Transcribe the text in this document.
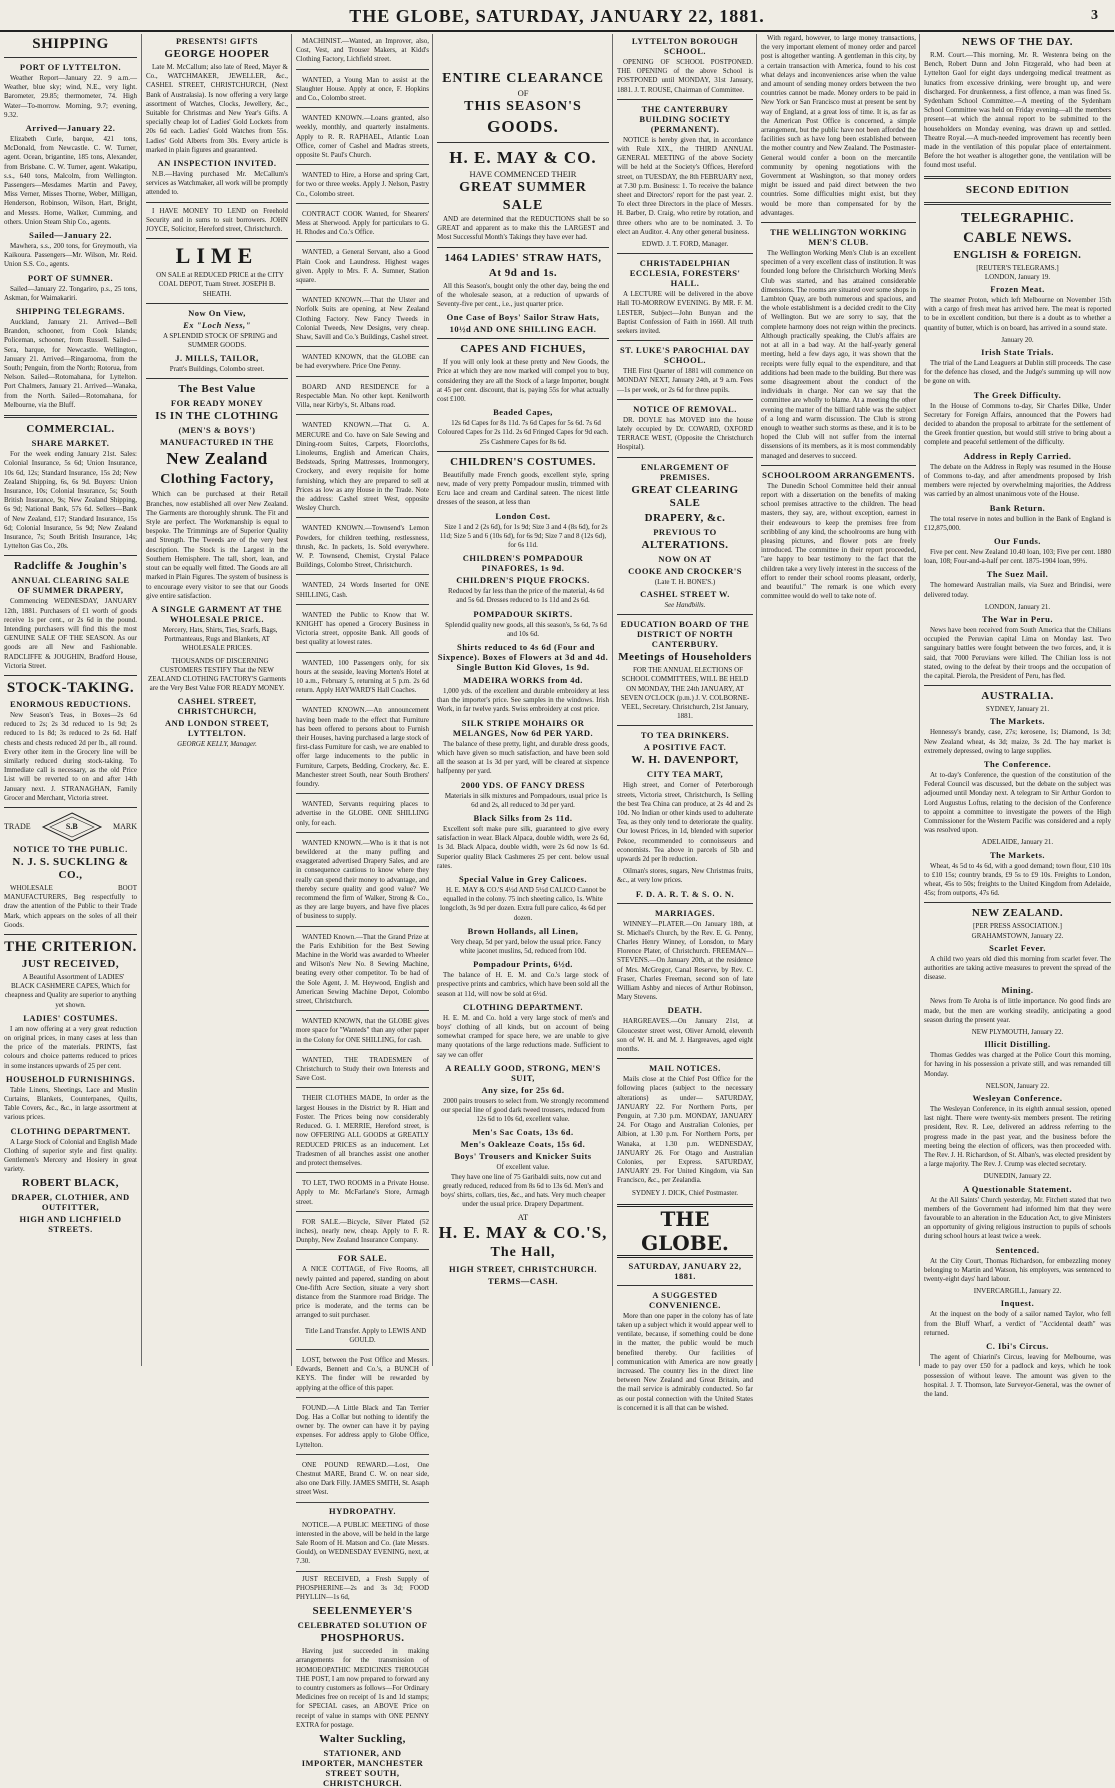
THE GLOBE, SATURDAY, JANUARY 22, 1881.	3
SHIPPING
PORT OF LYTTELTON.

Weather Report—January 22. 9 a.m.—Weather, blue sky; wind, N.E., very light. Barometer, 29.85; thermometer, 74. High Water—To-morrow. Morning, 9.7; evening, 9.32.

Arrived—January 22.

Elizabeth Curle, barque, 421 tons, McDonald, from Newcastle. C. W. Turner, agent. Ocean, brigantine, 185 tons, Alexander, from Brisbane. C. W. Turner, agent. Wakatipu, s.s., 640 tons, Malcolm, from Wellington. Passengers—Mesdames Martin and Pavey, Miss Verner, Misses Thorne, Weber, Milligan, Henderson, Robinson, Wilson, Hart, Bright, and Messrs. Horne, Walker, Cumming, and others. Union Steam Ship Co., agents.

Sailed—January 22.

Mawhera, s.s., 200 tons, for Greymouth, via Kaikoura. Passengers—Mr. Wilson, Mr. Reid. Union S.S. Co., agents.

PORT OF SUMNER.

Sailed—January 22. Tongariro, p.s., 25 tons, Askman, for Waimakariri.

SHIPPING TELEGRAMS.

Auckland, January 21. Arrived—Bell Brandon, schooner, from Cook Islands; Policeman, schooner, from Russell. Sailed—Sera, barque, for Newcastle. Wellington, January 21. Arrived—Ringarooma, from the South; Penguin, from the North; Rotorua, from Nelson. Sailed—Rotomahana, for Lyttelton. Port Chalmers, January 21. Arrived—Wanaka, from the North. Sailed—Rotomahana, for Melbourne, via the Bluff.

COMMERCIAL.
SHARE MARKET.

For the week ending January 21st. Sales: Colonial Insurance, 5s 6d; Union Insurance, 10s 6d, 12s; Standard Insurance, 15s 2d; New Zealand Shipping, 6s, 6s 9d. Buyers: Union Insurance, 10s; Colonial Insurance, 5s; South British Insurance, 9s; New Zealand Shipping, 6s 9d; National Bank, 57s 6d. Sellers—Bank of New Zealand, £17; Standard Insurance, 15s 6d; Colonial Insurance, 5s 9d; New Zealand Insurance, 7s; South British Insurance, 14s; Lyttelton Gas Co., 20s.

Radcliffe & Joughin's
ANNUAL CLEARING SALE OF SUMMER DRAPERY,

Commencing WEDNESDAY, JANUARY 12th, 1881. Purchasers of £1 worth of goods receive 1s per cent., or 2s 6d in the pound. Intending purchasers will find this the most GENUINE SALE OF THE SEASON. As our goods are all New and Fashionable. RADCLIFFE & JOUGHIN, Bradford House, Victoria Street.

STOCK-TAKING.
ENORMOUS REDUCTIONS.

New Season's Teas, in Boxes—2s 6d reduced to 2s; 2s 3d reduced to 1s 9d; 2s reduced to 1s 8d; 3s reduced to 2s 6d. Half chests and chests reduced 2d per lb., all round. Every other item in the Grocery line will be similarly reduced during stock-taking. To Immediate call is necessary, as the old Price List will be reverted to on and after 14th January next. J. STRANAGHAN, Family Grocer and Merchant, Victoria street.

TRADE	S.B	MARK
NOTICE TO THE PUBLIC.
N. J. S. SUCKLING & CO.,

WHOLESALE BOOT MANUFACTURERS, Beg respectfully to draw the attention of the Public to their Trade Mark, which appears on the soles of all their Goods.

THE CRITERION.
JUST RECEIVED,

A Beautiful Assortment of LADIES' BLACK CASHMERE CAPES, Which for cheapness and Quality are superior to anything yet shown.

LADIES' COSTUMES.

I am now offering at a very great reduction on original prices, in many cases at less than the price of the materials. PRINTS, fast colours and choice patterns reduced to prices in some instances upwards of 25 per cent.

HOUSEHOLD FURNISHINGS.

Table Linens, Sheetings, Lace and Muslin Curtains, Blankets, Counterpanes, Quilts, Table Covers, &c., &c., in large assortment at various prices.

CLOTHING DEPARTMENT.

A Large Stock of Colonial and English Made Clothing of superior style and first quality. Gentlemen's Mercery and Hosiery in great variety.

ROBERT BLACK,
DRAPER, CLOTHIER, AND OUTFITTER,
HIGH AND LICHFIELD STREETS.
PRESENTS! GIFTS
GEORGE HOOPER

Late M. McCallum; also late of Reed, Mayer & Co., WATCHMAKER, JEWELLER, &c., CASHEL STREET, CHRISTCHURCH, (Next Bank of Australasia). Is now offering a very large assortment of Watches, Clocks, Jewellery, &c., Suitable for Christmas and New Year's Gifts. A specially cheap lot of Ladies' Gold Lockets from 20s 6d each. Ladies' Gold Watches from 55s. Ladies' Gold Alberts from 30s. Every article is marked in plain figures and guaranteed.

AN INSPECTION INVITED.

N.B.—Having purchased Mr. McCallum's services as Watchmaker, all work will be promptly attended to.

I HAVE MONEY TO LEND on Freehold Security and in sums to suit borrowers. JOHN JOYCE, Solicitor, Hereford street, Christchurch.

LIME

ON SALE at REDUCED PRICE at the CITY COAL DEPOT, Tuam Street. JOSEPH B. SHEATH.

Now On View,
Ex "Loch Ness,"

A SPLENDID STOCK OF SPRING and SUMMER GOODS.

J. MILLS, TAILOR,
Pratt's Buildings, Colombo street.
The Best Value
FOR READY MONEY
IS IN THE CLOTHING
(MEN'S & BOYS')
MANUFACTURED IN THE
New Zealand
Clothing Factory,

Which can be purchased at their Retail Branches, now established all over New Zealand. The Garments are thoroughly shrunk. The Fit and Style are perfect. The Workmanship is equal to bespoke. The Trimmings are of Superior Quality and Strength. The Tweeds are of the very best description. The Stock is the Largest in the Southern Hemisphere. The tall, short, lean, and stout can be equally well fitted. The Goods are all marked in Plain Figures. The system of business is to encourage every visitor to see that our Goods give entire satisfaction.

A SINGLE GARMENT AT THE WHOLESALE PRICE.

Mercery, Hats, Shirts, Ties, Scarfs, Bags, Portmanteaus, Rugs and Blankets, AT WHOLESALE PRICES.

THOUSANDS OF DISCERNING CUSTOMERS TESTIFY That the NEW ZEALAND CLOTHING FACTORY'S Garments are the Very Best Value FOR READY MONEY.

CASHEL STREET, CHRISTCHURCH,
AND LONDON STREET, LYTTELTON.
GEORGE KELLY, Manager.

MACHINIST.—Wanted, an Improver, also, Cost, Vest, and Trouser Makers, at Kidd's Clothing Factory, Lichfield street.

WANTED, a Young Man to assist at the Slaughter House. Apply at once, F. Hopkins and Co., Colombo street.

WANTED KNOWN.—Loans granted, also weekly, monthly, and quarterly instalments. Apply to R. R. RAPHAEL, Atlantic Loan Office, corner of Cashel and Madras streets, opposite St. Paul's Church.

WANTED to Hire, a Horse and spring Cart, for two or three weeks. Apply J. Nelson, Pastry Co., Colombo street.

CONTRACT COOK Wanted, for Shearers' Mess at Sherwood. Apply for particulars to G. H. Rhodes and Co.'s Office.

WANTED, a General Servant, also a Good Plain Cook and Laundress. Highest wages given. Apply to Mrs. F. A. Sumner, Station square.

WANTED KNOWN.—That the Ulster and Norfolk Suits are opening, at New Zealand Clothing Factory. New Fancy Tweeds in Colonial Tweeds, New Designs, very cheap. Shaw, Savill and Co.'s Buildings, Cashel street.

WANTED KNOWN, that the GLOBE can be had everywhere. Price One Penny.

BOARD AND RESIDENCE for a Respectable Man. No other kept. Kenilworth Villa, near Kirby's, St. Albans road.

WANTED KNOWN.—That G. A. MERCURE and Co. have on Sale Sewing and Dining-room Suites, Carpets, Floorcloths, Linoleums, English and American Chairs, Bedsteads, Spring Mattresses, Ironmongery, Crockery, and every requisite for home furnishing, which they are prepared to sell at Prices as low as any House in the Trade. Note the address: Cashel street West, opposite Wesley Church.

WANTED KNOWN.—Townsend's Lemon Powders, for children teething, restlessness, thrush, &c. In packets, 1s. Sold everywhere. W. P. Townsend, Chemist, Crystal Palace Buildings, Colombo Street, Christchurch.

WANTED, 24 Words Inserted for ONE SHILLING, Cash.

WANTED the Public to Know that W. KNIGHT has opened a Grocery Business in Victoria street, opposite Bank. All goods of best quality at lowest rates.

WANTED, 100 Passengers only, for six hours at the seaside, leaving Morten's Hotel at 10 a.m., February 5, returning at 5 p.m. 2s 6d return. Apply HAYWARD'S Hall Coaches.

WANTED KNOWN.—An announcement having been made to the effect that Furniture has been offered to persons about to Furnish their Houses, having purchased a large stock of first-class Furniture for cash, we are enabled to offer large inducements to the public in Furniture, Carpets, Bedding, Crockery, &c. E. Manchester street South, near South Brothers' foundry.

WANTED, Servants requiring places to advertise in the GLOBE. ONE SHILLING only, for each.

WANTED KNOWN.—Who is it that is not bewildered at the many puffing and exaggerated advertised Drapery Sales, and are in consequence cautious to know where they really can spend their money to advantage, and thereby secure quality and good value? We recommend the firm of Walker, Strong & Co., as they are large buyers, and have five places of business to supply.

WANTED Known.—That the Grand Prize at the Paris Exhibition for the Best Sewing Machine in the World was awarded to Wheeler and Wilson's New No. 8 Sewing Machine, beating every other competitor. To be had of the Sole Agent, J. M. Heywood, English and American Sewing Machine Depot, Colombo street, Christchurch.

WANTED KNOWN, that the GLOBE gives more space for "Wanteds" than any other paper in the Colony for ONE SHILLING, for cash.

WANTED, THE TRADESMEN of Christchurch to Study their own Interests and Save Cost.

THEIR CLOTHES MADE, In order as the largest Houses in the District by R. Hiatt and Foster. The Prices being now considerably Reduced. G. I. MERRIE, Hereford street, is now OFFERING ALL GOODS at GREATLY REDUCED PRICES as an inducement. Let Tradesmen of all branches assist one another and protect themselves.

TO LET, TWO ROOMS in a Private House. Apply to Mr. McFarlane's Store, Armagh street.

FOR SALE.—Bicycle, Silver Plated (52 inches), nearly new, cheap. Apply to F. R. Dunphy, New Zealand Insurance Company.

FOR SALE.

A NICE COTTAGE, of Five Rooms, all newly painted and papered, standing on about One-fifth Acre Section, situate a very short distance from the Stanmore road Bridge. The price is moderate, and the terms can be arranged to suit purchaser.

Title Land Transfer. Apply to LEWIS AND GOULD.

LOST, between the Post Office and Messrs. Edwards, Bennett and Co.'s, a BUNCH of KEYS. The finder will be rewarded by applying at the office of this paper.

FOUND.—A Little Black and Tan Terrier Dog. Has a Collar but nothing to identify the owner by. The owner can have it by paying expenses. For address apply to Globe Office, Lyttelton.

ONE POUND REWARD.—Lost, One Chestnut MARE, Brand C. W. on near side, also one Dark Filly. JAMES SMITH, St. Asaph street West.

HYDROPATHY.

NOTICE.—A PUBLIC MEETING of those interested in the above, will be held in the large Sale Room of H. Matson and Co. (late Messrs. Gould), on WEDNESDAY EVENING, next, at 7.30.

JUST RECEIVED, a Fresh Supply of PHOSPHERINE—2s and 3s 3d; FOOD PHYLLIN—1s 6d,

SEELENMEYER'S
CELEBRATED SOLUTION OF
PHOSPHORUS.

Having just succeeded in making arrangements for the transmission of HOMOEOPATHIC MEDICINES THROUGH THE POST, I am now prepared to forward any to country customers as follows—For Ordinary Medicines free on receipt of 1s and 1d stamps; for SPECIAL cases, an ABOVE Price on receipt of value in stamps with ONE PENNY EXTRA for postage.

Walter Suckling,
STATIONER, AND IMPORTER, MANCHESTER STREET SOUTH, CHRISTCHURCH.
ENTIRE CLEARANCE
OF
THIS SEASON'S
GOODS.
H. E. MAY & CO.
HAVE COMMENCED THEIR
GREAT SUMMER SALE

AND are determined that the REDUCTIONS shall be so GREAT and apparent as to make this the LARGEST and Most Successful Month's Takings they have ever had.

1464 LADIES' STRAW HATS,
At 9d and 1s.

All this Season's, bought only the other day, being the end of the wholesale season, at a reduction of upwards of Seventy-five per cent., i.e., just quarter price.

One Case of Boys' Sailor Straw Hats,
10½d AND ONE SHILLING EACH.
CAPES AND FICHUES,

If you will only look at these pretty and New Goods, the Price at which they are now marked will compel you to buy, considering they are all the Stock of a large Importer, bought at 45 per cent. discount, that is, paying 55s for what actually cost £100.

Beaded Capes,

12s 6d Capes for 8s 11d. 7s 6d Capes for 5s 6d. 7s 6d Coloured Capes for 2s 11d. 2s 6d Fringed Capes for 9d each. 25s Cashmere Capes for 8s 6d.

CHILDREN'S COSTUMES.

Beautifully made French goods, excellent style, spring new, made of very pretty Pompadour muslin, trimmed with Ecru lace and cream and Cardinal sateen. The nicest little dresses of the season, at less than

London Cost.

Size 1 and 2 (2s 6d), for 1s 9d; Size 3 and 4 (8s 6d), for 2s 11d; Size 5 and 6 (10s 6d), for 6s 9d; Size 7 and 8 (12s 6d), for 6s 11d.

CHILDREN'S POMPADOUR PINAFORES, 1s 9d.
CHILDREN'S PIQUE FROCKS.

Reduced by far less than the price of the material, 4s 6d and 5s 6d. Dresses reduced to 1s 11d and 2s 6d.

POMPADOUR SKIRTS.

Splendid quality new goods, all this season's, 5s 6d, 7s 6d and 10s 6d.

Shirts reduced to 4s 6d (Four and Sixpence). Boxes of Flowers at 3d and 4d. Single Button Kid Gloves, 1s 9d.

MADEIRA WORKS from 4d.

1,000 yds. of the excellent and durable embroidery at less than the importer's price. See samples in the windows. Irish Work, in far twelve yards. Swiss embroidery at cost price.

SILK STRIPE MOHAIRS OR MELANGES, Now 6d PER YARD.

The balance of these pretty, light, and durable dress goods, which have given so much satisfaction, and have been sold all the season at 1s 3d per yard, will be cleared at sixpence halfpenny per yard.

2000 YDS. OF FANCY DRESS

Materials in silk mixtures and Pompadours, usual price 1s 6d and 2s, all reduced to 3d per yard.

Black Silks from 2s 11d.

Excellent soft make pure silk, guaranteed to give every satisfaction in wear. Black Alpaca, double width, were 2s 6d, 1s 3d. Black Alpaca, double width, were 2s 6d now 1s 6d. Superior quality Black Cashmeres 25 per cent. below usual rates.

Special Value in Grey Calicoes.

H. E. MAY & CO.'S 4½d AND 5½d CALICO Cannot be equalled in the colony. 75 inch sheeting calico, 1s. White longcloth, 3s 9d per dozen. Extra full pure calico, 4s 6d per dozen.

Brown Hollands, all Linen,

Very cheap, 5d per yard, below the usual price. Fancy white jaconet muslins, 5d, reduced from 10d.

Pompadour Prints, 6½d.

The balance of H. E. M. and Co.'s large stock of prespective prints and cambrics, which have been sold all the season at 11d, will now be sold at 6½d.

CLOTHING DEPARTMENT.

H. E. M. and Co. hold a very large stock of men's and boys' clothing of all kinds, but on account of being somewhat cramped for space here, we are unable to give many quotations of the large reductions made. Sufficient to say we can offer

A REALLY GOOD, STRONG, MEN'S SUIT,
Any size, for 25s 6d.

2000 pairs trousers to select from. We strongly recommend our special line of good dark tweed trousers, reduced from 12s 6d to 10s 6d, excellent value.

Men's Sac Coats, 13s 6d.
Men's Oakleaze Coats, 15s 6d.
Boys' Trousers and Knicker Suits
Of excellent value.

They have one line of 75 Garibaldi suits, now cut and greatly reduced, reduced from 8s 6d to 13s 6d. Men's and boys' shirts, collars, ties, &c., and hats. Very much cheaper under the usual price. Drapery Department.

AT
H. E. MAY & CO.'S,
The Hall,
HIGH STREET, CHRISTCHURCH.
TERMS—CASH.
LYTTELTON BOROUGH SCHOOL.

OPENING OF SCHOOL POSTPONED. THE OPENING of the above School is POSTPONED until MONDAY, 31st January, 1881. J. T. ROUSE, Chairman of Committee.

THE CANTERBURY BUILDING SOCIETY (PERMANENT).

NOTICE is hereby given that, in accordance with Rule XIX., the THIRD ANNUAL GENERAL MEETING of the above Society will be held at the Society's Offices, Hereford street, on TUESDAY, the 8th FEBRUARY next, at 7.30 p.m. Business: 1. To receive the balance sheet and Directors' report for the past year. 2. To elect three Directors in the place of Messrs. H. Barber, D. Craig, who retire by rotation, and three others who are to be nominated. 3. To elect an Auditor. 4. Any other general business.

EDWD. J. T. FORD, Manager.
CHRISTADELPHIAN ECCLESIA, FORESTERS' HALL.

A LECTURE will be delivered in the above Hall TO-MORROW EVENING. By MR. F. M. LESTER, Subject—John Bunyan and the Baptist Confession of Faith in 1660. All truth seekers invited.

ST. LUKE'S PAROCHIAL DAY SCHOOL.

THE First Quarter of 1881 will commence on MONDAY NEXT, January 24th, at 9 a.m. Fees—1s per week, or 2s 6d for three pupils.

NOTICE OF REMOVAL.

DR. DOYLE has MOVED into the house lately occupied by Dr. COWARD, OXFORD TERRACE WEST, (Opposite the Christchurch Hospital).

ENLARGEMENT OF PREMISES.
GREAT CLEARING SALE
DRAPERY, &c.
PREVIOUS TO
ALTERATIONS.
NOW ON AT
COOKE AND CROCKER'S
(Late T. H. BONE'S.)
CASHEL STREET W.
See Handbills.
EDUCATION BOARD OF THE DISTRICT OF NORTH CANTERBURY.
Meetings of Householders

FOR THE ANNUAL ELECTIONS OF SCHOOL COMMITTEES, WILL BE HELD ON MONDAY, THE 24th JANUARY, AT SEVEN O'CLOCK (p.m.) J. V. COLBORNE-VEEL, Secretary. Christchurch, 21st January, 1881.

TO TEA DRINKERS.
A POSITIVE FACT.
W. H. DAVENPORT,
CITY TEA MART,

High street, and Corner of Peterborough streets, Victoria street, Christchurch, Is Selling the best Tea China can produce, at 2s 4d and 2s 10d. No Indian or other kinds used to adulterate Tea, as they only tend to deteriorate the quality. Our lowest Prices, in 1d, blended with superior Pekoe, recommended to connoisseurs and economists. Tea above in parcels of 5lb and upwards 2d per lb reduction.

Oilman's stores, sugars, New Christmas fruits, &c., at very low prices.

F. D. A. R. T. & S. O. N.
MARRIAGES.

WINNEY—PLATER.—On January 18th, at St. Michael's Church, by the Rev. E. G. Penny, Charles Henry Winney, of Lonsdon, to Mary Florence Plater, of Christchurch. FREEMAN—STEVENS.—On January 20th, at the residence of Mrs. McGregor, Canal Reserve, by Rev. C. Fraser, Charles Freeman, second son of late William Ashby and nieces of Arthur Robinson, Mary Stevens.

DEATH.

HARGREAVES.—On January 21st, at Gloucester street west, Oliver Arnold, eleventh son of W. H. and M. J. Hargreaves, aged eight months.

MAIL NOTICES.

Mails close at the Chief Post Office for the following places (subject to the necessary alterations) as under— SATURDAY, JANUARY 22. For Northern Ports, per Penguin, at 7.30 p.m. MONDAY, JANUARY 24. For Otago and Australian Colonies, per Albion, at 1.30 p.m. For Northern Ports, per Wanaka, at 1.30 p.m. WEDNESDAY, JANUARY 26. For Otago and Australian Colonies, per Express. SATURDAY, JANUARY 29. For United Kingdom, via San Francisco, &c., per Zealandia.

SYDNEY J. DICK, Chief Postmaster.
THE GLOBE.
SATURDAY, JANUARY 22, 1881.
A SUGGESTED CONVENIENCE.

More than one paper in the colony has of late taken up a subject which it would appear well to ventilate, because, if something could be done in the matter, the public would be much benefited thereby. Our facilities of communication with America are now greatly increased. The country lies in the direct line between New Zealand and Great Britain, and the mail service is admirably conducted. So far as our postal connection with the United States is concerned it is all that can be wished.

With regard, however, to large money transactions, the very important element of money order and parcel post is altogether wanting. A gentleman in this city, by a certain transaction with America, found to his cost what delays and inconveniences arise when the value and amount of sending money orders between the two countries cannot be made. Money orders to be paid in New York or San Francisco must at present be sent by way of England, at a great loss of time. It is, as far as the American Post Office is concerned, a simple arrangement, but the public have not been afforded the facilities such as have long been established between the mother country and New Zealand. The Postmaster-General would confer a boon on the mercantile community by opening negotiations with the Government at Washington, so that money orders might be issued and paid direct between the two countries. Some difficulties might exist, but they would be more than compensated for by the advantages.

THE WELLINGTON WORKING MEN'S CLUB.

The Wellington Working Men's Club is an excellent specimen of a very excellent class of institution. It was founded long before the Christchurch Working Men's Club was started, and has attained considerable dimensions. The rooms are situated over some shops in Lambton Quay, are both numerous and spacious, and the whole establishment is a decided credit to the City of Wellington. But we are sorry to say, that the complete harmony does not reign within the precincts. Although practically speaking, the Club's affairs are not at all in a bad way. At the half-yearly general meeting, held a few days ago, it was shown that the receipts were fully equal to the expenditure, and that additions had been made to the building. But there was some disagreement about the conduct of the individuals in charge. Nor can we say that the committee are wholly to blame. At a meeting the other evening the matter of the billiard table was the subject of a long and warm discussion. The Club is strong enough to weather such storms as these, and it is to be hoped the Club will not suffer from the internal dissensions of its members, as it is most commendably managed and deserves to succeed.

SCHOOLROOM ARRANGEMENTS.

The Dunedin School Committee held their annual report with a dissertation on the benefits of making school premises attractive to the children. The head masters, they say, are, without exception, earnest in their endeavours to keep the premises free from scribbling of any kind, the schoolrooms are hung with pleasing pictures, and flower pots are freely introduced. The committee in their report proceeded, "are happy to bear testimony to the fact that the children take a very lively interest in the success of the effort to render their school rooms pleasant, orderly, and beautiful." The remark is one which every committee would do well to take note of.

NEWS OF THE DAY.

R.M. Court.—This morning, Mr. R. Westenra being on the Bench, Robert Dunn and John Fitzgerald, who had been at Lyttelton Gaol for eight days undergoing medical treatment as lunatics from excessive drinking, were brought up, and were discharged. For drunkenness, a first offence, a man was fined 5s. Sydenham School Committee.—A meeting of the Sydenham School Committee was held on Friday evening—all the members present—at which the annual report to be submitted to the householders on Monday evening, was drawn up and settled. Theatre Royal.—A much-needed improvement has recently been made in the ventilation of this popular place of entertainment. Before the hot weather is altogether gone, the ventilation will be found most useful.

SECOND EDITION
TELEGRAPHIC.
CABLE NEWS.
ENGLISH & FOREIGN.
[REUTER'S TELEGRAMS.]
LONDON, January 19.
Frozen Meat.

The steamer Proton, which left Melbourne on November 15th with a cargo of fresh meat has arrived here. The meat is reported to be in excellent condition, but there is a doubt as to whether a quantity of butter, which is on board, has arrived in a sound state.

January 20.
Irish State Trials.

The trial of the Land Leaguers at Dublin still proceeds. The case for the defence has closed, and the Judge's summing up will now be gone on with.

The Greek Difficulty.

In the House of Commons to-day, Sir Charles Dilke, Under Secretary for Foreign Affairs, announced that the Powers had decided to abandon the proposal to arbitrate for the settlement of the Greek frontier question, but would still strive to bring about a complete and peaceful settlement of the difficulty.

Address in Reply Carried.

The debate on the Address in Reply was resumed in the House of Commons to-day, and after amendments proposed by Irish members were rejected by overwhelming majorities, the Address was carried by an almost unanimous vote of the House.

Bank Return.

The total reserve in notes and bullion in the Bank of England is £12,875,000.

Our Funds.

Five per cent. New Zealand 10.40 loan, 103; Five per cent. 1880 loan, 108; Four-and-a-half per cent. 1875-1904 loan, 99½.

The Suez Mail.

The homeward Australian mails, via Suez and Brindisi, were delivered today.

LONDON, January 21.
The War in Peru.

News have been received from South America that the Chilians occupied the Peruvian capital Lima on Monday last. Two sanguinary battles were fought between the two forces, and, it is said, that 7000 Peruvians were killed. The Chilian loss is not stated, owing to the defeat by their troops and the occupation of the capital. Pierola, the President of Peru, has fled.

AUSTRALIA.
SYDNEY, January 21.
The Markets.

Hennessy's brandy, case, 27s; kerosene, 1s; Diamond, 1s 3d; New Zealand wheat, 4s 3d; maize, 3s 2d. The hay market is extremely depressed, owing to large supplies.

The Conference.

At to-day's Conference, the question of the constitution of the Federal Council was discussed, but the debate on the subject was adjourned until Monday next. A telegram to Sir Arthur Gordon to Lord Augustus Loftus, relating to the decision of the Conference to appoint a committee to investigate the powers of the High Commissioner for the Western Pacific was considered and a reply was resolved upon.

ADELAIDE, January 21.
The Markets.

Wheat, 4s 5d to 4s 6d, with a good demand; town flour, £10 10s to £10 15s; country brands, £9 5s to £9 10s. Freights to London, wheat, 45s to 50s; freights to the United Kingdom from Adelaide, 45s; from outports, 47s 6d.

NEW ZEALAND.
[PER PRESS ASSOCIATION.]
GRAHAMSTOWN, January 22.
Scarlet Fever.

A child two years old died this morning from scarlet fever. The authorities are taking active measures to prevent the spread of the disease.

Mining.

News from Te Aroha is of little importance. No good finds are made, but the men are working steadily, anticipating a good season during the present year.

NEW PLYMOUTH, January 22.
Illicit Distilling.

Thomas Geddes was charged at the Police Court this morning, for having in his possession a private still, and was remanded till Monday.

NELSON, January 22.
Wesleyan Conference.

The Wesleyan Conference, in its eighth annual session, opened last night. There were twenty-six members present. The retiring president, Rev. R. Lee, delivered an address referring to the progress made in the past year, and the business before the meeting being the election of officers, was then proceeded with. The Rev. J. H. Richardson, of St. Alban's, was elected president by a large majority. The Rev. J. Crump was elected secretary.

DUNEDIN, January 22.
A Questionable Statement.

At the All Saints' Church yesterday, Mr. Fitchett stated that two members of the Government had informed him that they were favourable to an alteration in the Education Act, to give Ministers an opportunity of giving religious instruction to pupils of schools during school hours at least twice a week.

Sentenced.

At the City Court, Thomas Richardson, for embezzling money belonging to Martin and Watson, his employers, was sentenced to twenty-eight days' hard labour.

INVERCARGILL, January 22.
Inquest.

At the inquest on the body of a sailor named Taylor, who fell from the Bluff Wharf, a verdict of "Accidental death" was returned.

C. Ibi's Circus.

The agent of Chiarini's Circus, leaving for Melbourne, was made to pay over £50 for a padlock and keys, which he took possession of without leave. The amount was given to the hospital. J. T. Thomson, late Surveyor-General, was the owner of the land.
